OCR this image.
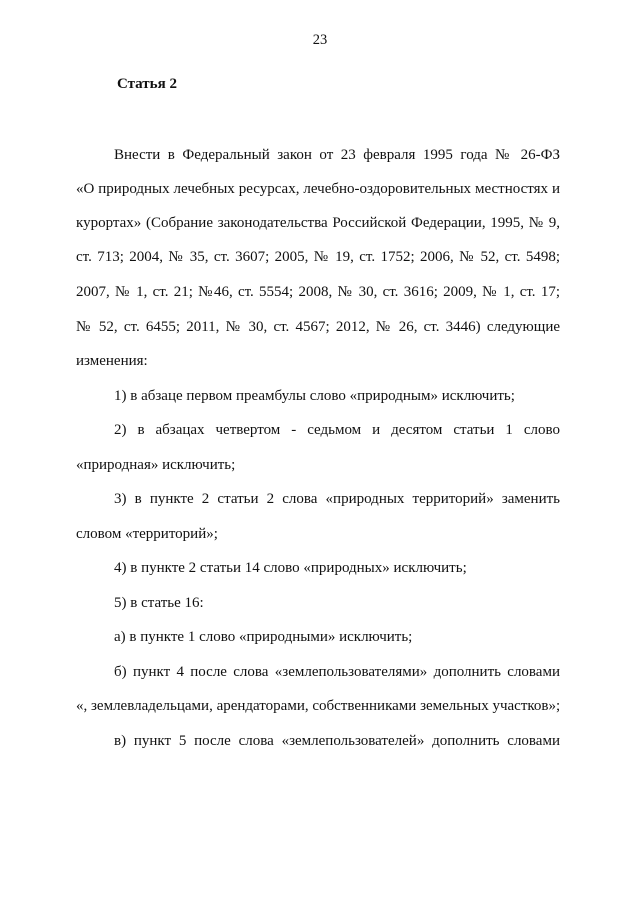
23
Статья 2
Внести в Федеральный закон от 23 февраля 1995 года № 26-ФЗ
«О природных лечебных ресурсах, лечебно-оздоровительных местностях и
курортах» (Собрание законодательства Российской Федерации, 1995, № 9,
ст. 713; 2004, № 35, ст. 3607; 2005, № 19, ст. 1752; 2006, № 52, ст. 5498;
2007, № 1, ст. 21; №46, ст. 5554; 2008, № 30, ст. 3616; 2009, № 1, ст. 17;
№ 52, ст. 6455; 2011, № 30, ст. 4567; 2012, № 26, ст. 3446) следующие
изменения:
1) в абзаце первом преамбулы слово «природным» исключить;
2) в абзацах четвертом - седьмом и десятом статьи 1 слово
«природная» исключить;
3) в пункте 2 статьи 2 слова «природных территорий» заменить
словом «территорий»;
4) в пункте 2 статьи 14 слово «природных» исключить;
5) в статье 16:
а) в пункте 1 слово «природными» исключить;
б) пункт 4 после слова «землепользователями» дополнить словами
«, землевладельцами, арендаторами, собственниками земельных участков»;
в) пункт 5 после слова «землепользователей» дополнить словами
